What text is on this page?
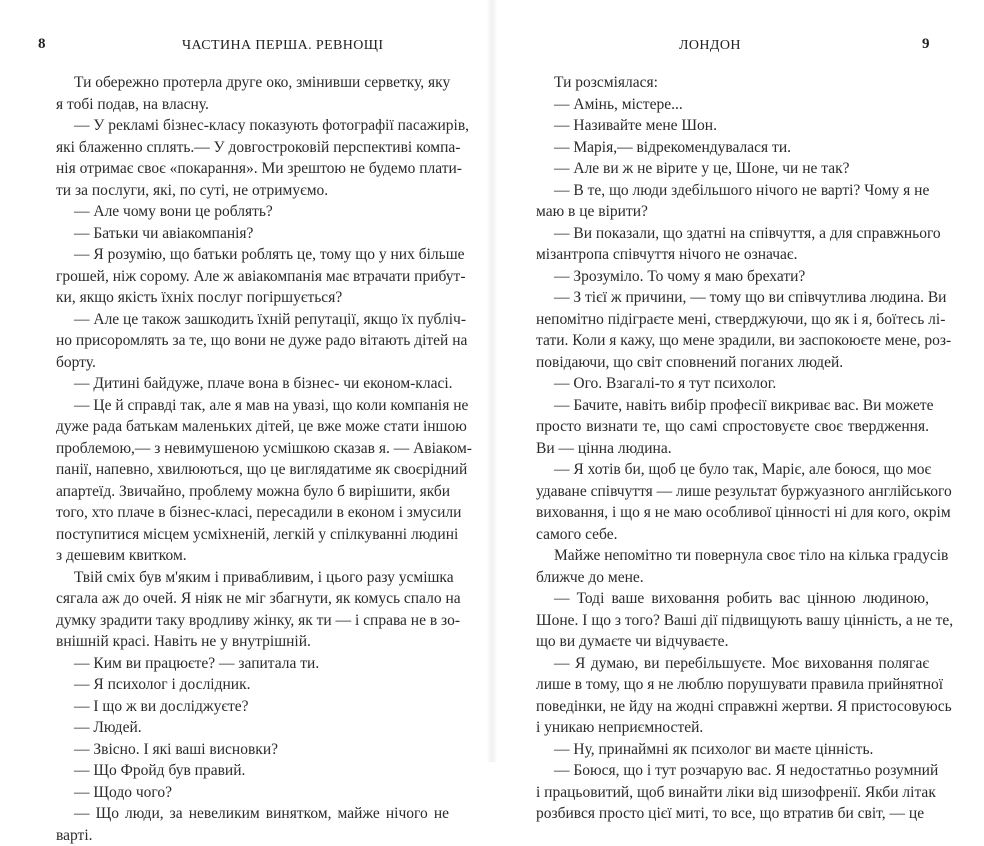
8	ЧАСТИНА ПЕРША. РЕВНОЩІ
Ти обережно протерла друге око, змінивши серветку, яку
я тобі подав, на власну.
— У рекламі бізнес-класу показують фотографії пасажирів,
які блаженно сплять.— У довгостроковій перспективі компа-
нія отримає своє «покарання». Ми зрештою не будемо плати-
ти за послуги, які, по суті, не отримуємо.
— Але чому вони це роблять?
— Батьки чи авіакомпанія?
— Я розумію, що батьки роблять це, тому що у них більше
грошей, ніж сорому. Але ж авіакомпанія має втрачати прибут-
ки, якщо якість їхніх послуг погіршується?
— Але це також зашкодить їхній репутації, якщо їх публіч-
но присоромлять за те, що вони не дуже радо вітають дітей на
борту.
— Дитині байдуже, плаче вона в бізнес- чи економ-класі.
— Це й справді так, але я мав на увазі, що коли компанія не
дуже рада батькам маленьких дітей, це вже може стати іншою
проблемою,— з невимушеною усмішкою сказав я. — Авіаком-
панії, напевно, хвилюються, що це виглядатиме як своєрідний
апартеїд. Звичайно, проблему можна було б вирішити, якби
того, хто плаче в бізнес-класі, пересадили в економ і змусили
поступитися місцем усміхненій, легкій у спілкуванні людині
з дешевим квитком.
Твій сміх був м'яким і привабливим, і цього разу усмішка
сягала аж до очей. Я ніяк не міг збагнути, як комусь спало на
думку зрадити таку вродливу жінку, як ти — і справа не в зо-
внішній красі. Навіть не у внутрішній.
— Ким ви працюєте? — запитала ти.
— Я психолог і дослідник.
— І що ж ви досліджуєте?
— Людей.
— Звісно. І які ваші висновки?
— Що Фройд був правий.
— Щодо чого?
— Що люди, за невеликим винятком, майже нічого не
варті.
ЛОНДОН	9
Ти розсміялася:
— Амінь, містере...
— Називайте мене Шон.
— Марія,— відрекомендувалася ти.
— Але ви ж не вірите у це, Шоне, чи не так?
— В те, що люди здебільшого нічого не варті? Чому я не
маю в це вірити?
— Ви показали, що здатні на співчуття, а для справжнього
мізантропа співчуття нічого не означає.
— Зрозуміло. То чому я маю брехати?
— З тієї ж причини, — тому що ви співчутлива людина. Ви
непомітно підіграєте мені, стверджуючи, що як і я, боїтесь лі-
тати. Коли я кажу, що мене зрадили, ви заспокоюєте мене, роз-
повідаючи, що світ сповнений поганих людей.
— Ого. Взагалі-то я тут психолог.
— Бачите, навіть вибір професії викриває вас. Ви можете
просто визнати те, що самі спростовуєте своє твердження.
Ви — цінна людина.
— Я хотів би, щоб це було так, Маріє, але боюся, що моє
удаване співчуття — лише результат буржуазного англійського
виховання, і що я не маю особливої цінності ні для кого, окрім
самого себе.
Майже непомітно ти повернула своє тіло на кілька градусів
ближче до мене.
— Тоді ваше виховання робить вас цінною людиною,
Шоне. І що з того? Ваші дії підвищують вашу цінність, а не те,
що ви думаєте чи відчуваєте.
— Я думаю, ви перебільшуєте. Моє виховання полягає
лише в тому, що я не люблю порушувати правила прийнятної
поведінки, не йду на жодні справжні жертви. Я пристосовуюсь
і уникаю неприємностей.
— Ну, принаймні як психолог ви маєте цінність.
— Боюся, що і тут розчарую вас. Я недостатньо розумний
і працьовитий, щоб винайти ліки від шизофренії. Якби літак
розбився просто цієї миті, то все, що втратив би світ, — це
